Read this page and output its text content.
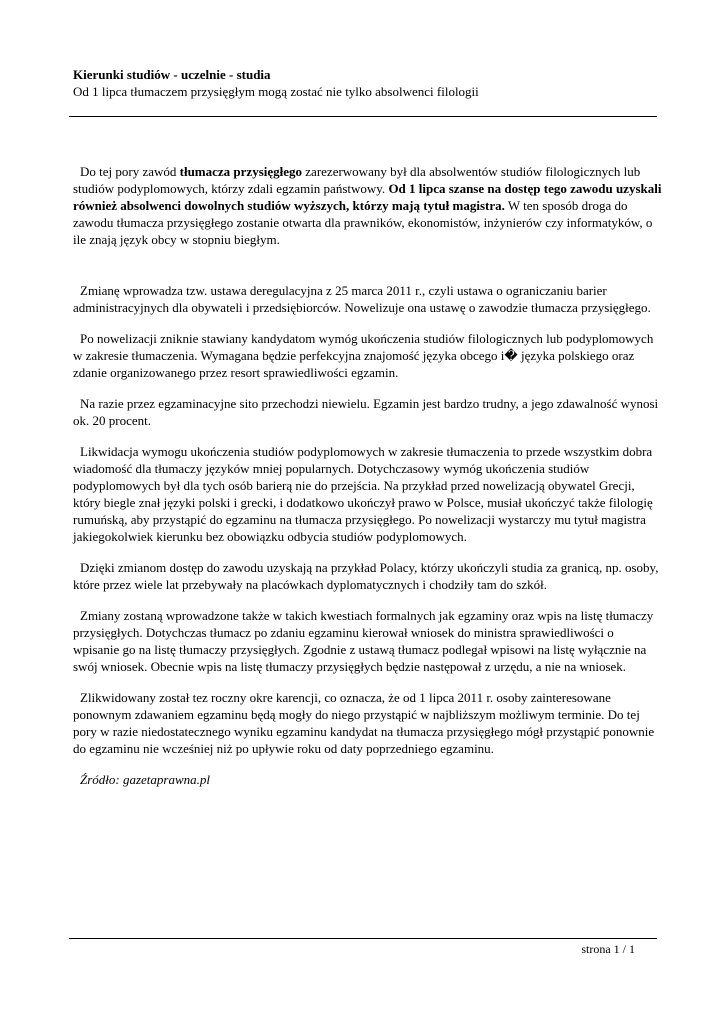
Kierunki studiów - uczelnie - studia

Od 1 lipca tłumaczem przysięgłym mogą zostać nie tylko absolwenci filologii

Do tej pory zawód tłumacza przysięgłego zarezerwowany był dla absolwentów studiów filologicznych lub studiów podyplomowych, którzy zdali egzamin państwowy. Od 1 lipca szanse na dostęp tego zawodu uzyskali również absolwenci dowolnych studiów wyższych, którzy mają tytuł magistra. W ten sposób droga do zawodu tłumacza przysięgłego zostanie otwarta dla prawników, ekonomistów, inżynierów czy informatyków, o ile znają język obcy w stopniu biegłym.

Zmianę wprowadza tzw. ustawa deregulacyjna z 25 marca 2011 r., czyli ustawa o ograniczaniu barier administracyjnych dla obywateli i przedsiębiorców. Nowelizuje ona ustawę o zawodzie tłumacza przysięgłego.

Po nowelizacji zniknie stawiany kandydatom wymóg ukończenia studiów filologicznych lub podyplomowych w zakresie tłumaczenia. Wymagana będzie perfekcyjna znajomość języka obcego i� języka polskiego oraz zdanie organizowanego przez resort sprawiedliwości egzamin.

Na razie przez egzaminacyjne sito przechodzi niewielu. Egzamin jest bardzo trudny, a jego zdawalność wynosi ok. 20 procent.

Likwidacja wymogu ukończenia studiów podyplomowych w zakresie tłumaczenia to przede wszystkim dobra wiadomość dla tłumaczy języków mniej popularnych. Dotychczasowy wymóg ukończenia studiów podyplomowych był dla tych osób barierą nie do przejścia. Na przykład przed nowelizacją obywatel Grecji, który biegle znał języki polski i grecki, i dodatkowo ukończył prawo w Polsce, musiał ukończyć także filologię rumuńską, aby przystąpić do egzaminu na tłumacza przysięgłego. Po nowelizacji wystarczy mu tytuł magistra jakiegokolwiek kierunku bez obowiązku odbycia studiów podyplomowych.

Dzięki zmianom dostęp do zawodu uzyskają na przykład Polacy, którzy ukończyli studia za granicą, np. osoby, które przez wiele lat przebywały na placówkach dyplomatycznych i chodziły tam do szkół.

Zmiany zostaną wprowadzone także w takich kwestiach formalnych jak egzaminy oraz wpis na listę tłumaczy przysięgłych. Dotychczas tłumacz po zdaniu egzaminu kierował wniosek do ministra sprawiedliwości o wpisanie go na listę tłumaczy przysięgłych. Zgodnie z ustawą tłumacz podlegał wpisowi na listę wyłącznie na swój wniosek. Obecnie wpis na listę tłumaczy przysięgłych będzie następował z urzędu, a nie na wniosek.

Zlikwidowany został tez roczny okre karencji, co oznacza, że od 1 lipca 2011 r. osoby zainteresowane ponownym zdawaniem egzaminu będą mogły do niego przystąpić w najbliższym możliwym terminie. Do tej pory w razie niedostatecznego wyniku egzaminu kandydat na tłumacza przysięgłego mógł przystąpić ponownie do egzaminu nie wcześniej niż po upływie roku od daty poprzedniego egzaminu.

Źródło: gazetaprawna.pl

strona 1 / 1
